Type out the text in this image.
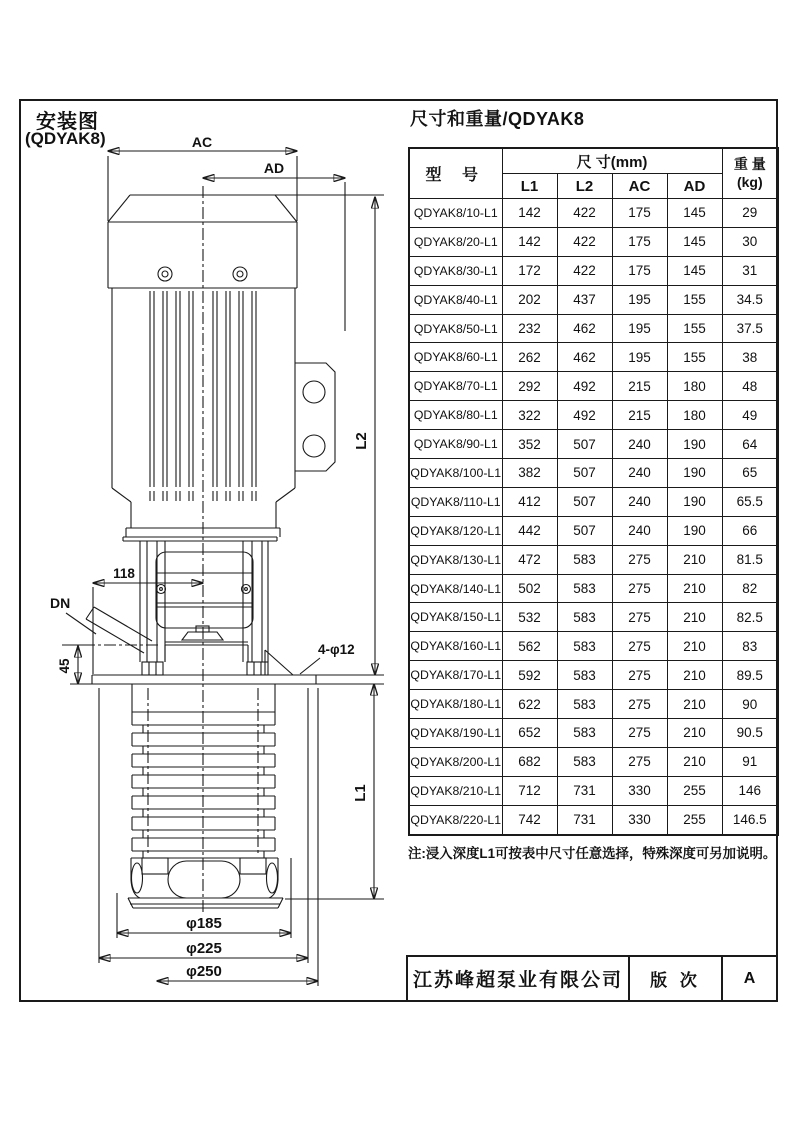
安装图
(QDYAK8)	AC
AD
118
45
DN
4-φ12
L2
L1
φ185
φ225
φ250
尺寸和重量/QDYAK8
型 号	尺 寸(mm)				重 量
(kg)
	L1	L2	AC	AD	
QDYAK8/10-L1	142	422	175	145	29
QDYAK8/20-L1	142	422	175	145	30
QDYAK8/30-L1	172	422	175	145	31
QDYAK8/40-L1	202	437	195	155	34.5
QDYAK8/50-L1	232	462	195	155	37.5
QDYAK8/60-L1	262	462	195	155	38
QDYAK8/70-L1	292	492	215	180	48
QDYAK8/80-L1	322	492	215	180	49
QDYAK8/90-L1	352	507	240	190	64
QDYAK8/100-L1	382	507	240	190	65
QDYAK8/110-L1	412	507	240	190	65.5
QDYAK8/120-L1	442	507	240	190	66
QDYAK8/130-L1	472	583	275	210	81.5
QDYAK8/140-L1	502	583	275	210	82
QDYAK8/150-L1	532	583	275	210	82.5
QDYAK8/160-L1	562	583	275	210	83
QDYAK8/170-L1	592	583	275	210	89.5
QDYAK8/180-L1	622	583	275	210	90
QDYAK8/190-L1	652	583	275	210	90.5
QDYAK8/200-L1	682	583	275	210	91
QDYAK8/210-L1	712	731	330	255	146
QDYAK8/220-L1	742	731	330	255	146.5
注:浸入深度L1可按表中尺寸任意选择，特殊深度可另加说明。
江苏峰超泵业有限公司	版 次	A
